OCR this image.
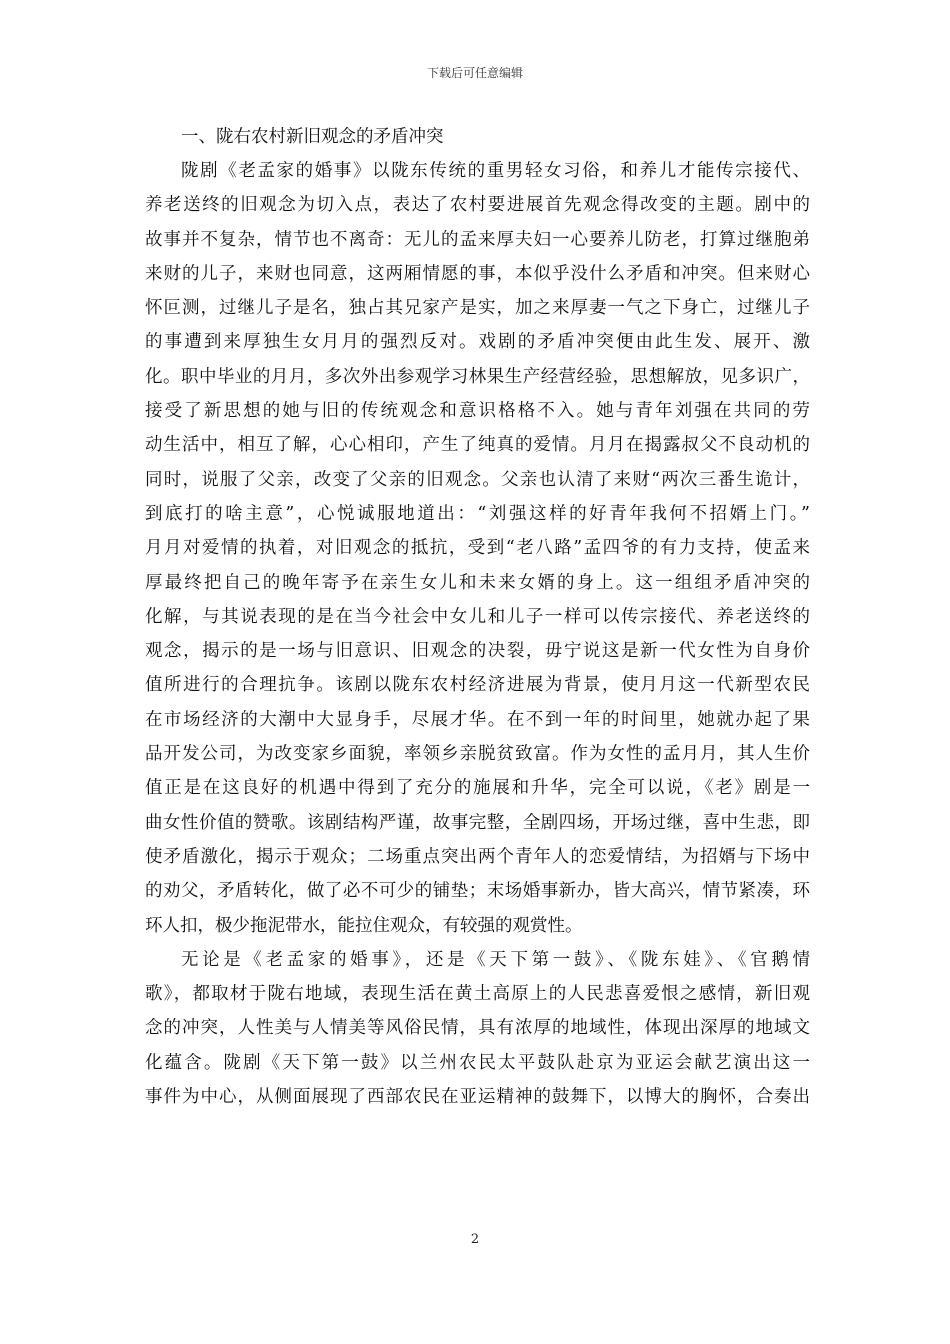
下载后可任意编辑
一、陇右农村新旧观念的矛盾冲突
陇剧《老孟家的婚事》以陇东传统的重男轻女习俗，和养儿才能传宗接代、
养老送终的旧观念为切入点，表达了农村要进展首先观念得改变的主题。剧中的
故事并不复杂，情节也不离奇：无儿的孟来厚夫妇一心要养儿防老，打算过继胞弟
来财的儿子，来财也同意，这两厢情愿的事，本似乎没什么矛盾和冲突。但来财心
怀叵测，过继儿子是名，独占其兄家产是实，加之来厚妻一气之下身亡，过继儿子
的事遭到来厚独生女月月的强烈反对。戏剧的矛盾冲突便由此生发、展开、激
化。职中毕业的月月，多次外出参观学习林果生产经营经验，思想解放，见多识广，
接受了新思想的她与旧的传统观念和意识格格不入。她与青年刘强在共同的劳
动生活中，相互了解，心心相印，产生了纯真的爱情。月月在揭露叔父不良动机的
同时，说服了父亲，改变了父亲的旧观念。父亲也认清了来财“两次三番生诡计，
到底打的啥主意”，心悦诚服地道出：“刘强这样的好青年我何不招婿上门。”
月月对爱情的执着，对旧观念的抵抗，受到“老八路”孟四爷的有力支持，使孟来
厚最终把自己的晚年寄予在亲生女儿和未来女婿的身上。这一组组矛盾冲突的
化解，与其说表现的是在当今社会中女儿和儿子一样可以传宗接代、养老送终的
观念，揭示的是一场与旧意识、旧观念的决裂，毋宁说这是新一代女性为自身价
值所进行的合理抗争。该剧以陇东农村经济进展为背景，使月月这一代新型农民
在市场经济的大潮中大显身手，尽展才华。在不到一年的时间里，她就办起了果
品开发公司，为改变家乡面貌，率领乡亲脱贫致富。作为女性的孟月月，其人生价
值正是在这良好的机遇中得到了充分的施展和升华，完全可以说，《老》剧是一
曲女性价值的赞歌。该剧结构严谨，故事完整，全剧四场，开场过继，喜中生悲，即
使矛盾激化，揭示于观众；二场重点突出两个青年人的恋爱情结，为招婿与下场中
的劝父，矛盾转化，做了必不可少的铺垫；末场婚事新办，皆大高兴，情节紧凑，环
环人扣，极少拖泥带水，能拉住观众，有较强的观赏性。
无论是《老孟家的婚事》，还是《天下第一鼓》、《陇东娃》、《官鹅情
歌》，都取材于陇右地域，表现生活在黄土高原上的人民悲喜爱恨之感情，新旧观
念的冲突，人性美与人情美等风俗民情，具有浓厚的地域性，体现出深厚的地域文
化蕴含。陇剧《天下第一鼓》以兰州农民太平鼓队赴京为亚运会献艺演出这一
事件为中心，从侧面展现了西部农民在亚运精神的鼓舞下，以博大的胸怀，合奏出
2
